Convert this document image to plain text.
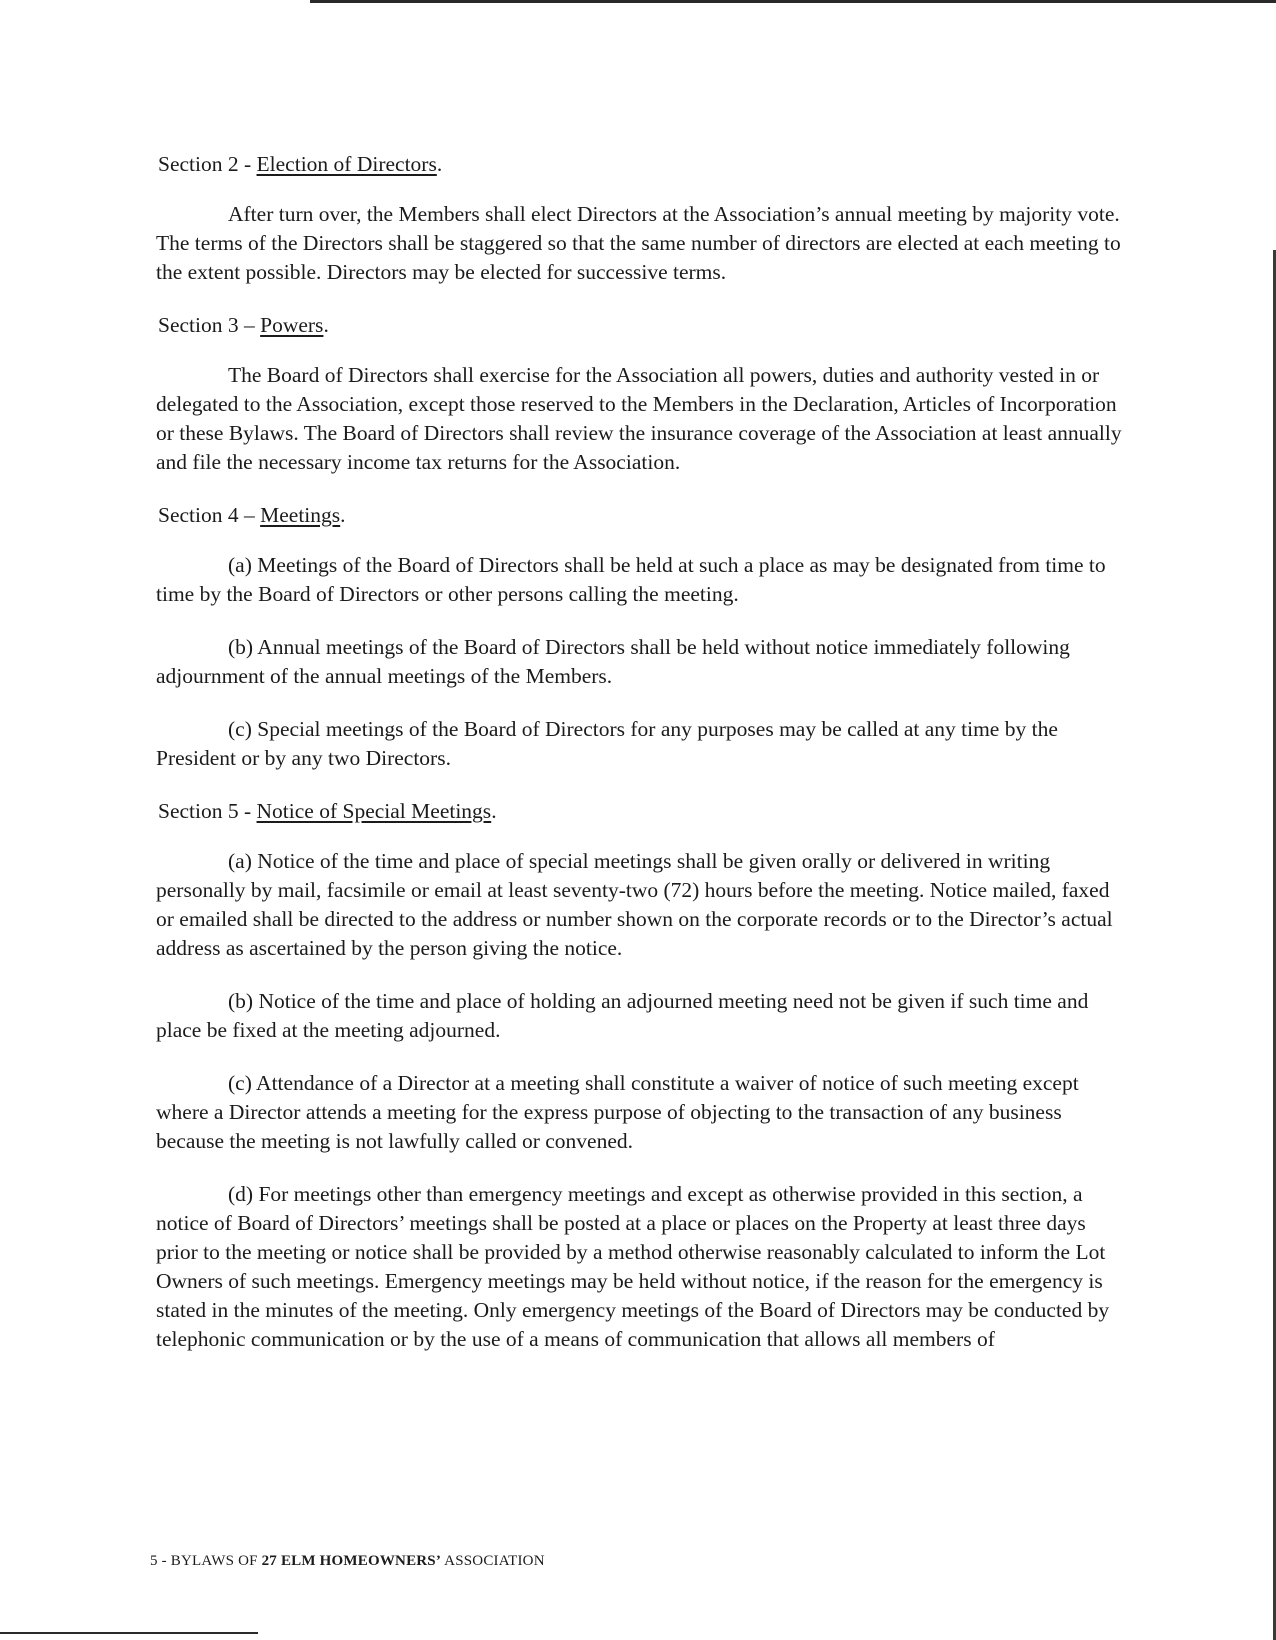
Section 2 - Election of Directors.

After turn over, the Members shall elect Directors at the Association’s annual meeting by majority vote. The terms of the Directors shall be staggered so that the same number of directors are elected at each meeting to the extent possible. Directors may be elected for successive terms.

Section 3 – Powers.

The Board of Directors shall exercise for the Association all powers, duties and authority vested in or delegated to the Association, except those reserved to the Members in the Declaration, Articles of Incorporation or these Bylaws. The Board of Directors shall review the insurance coverage of the Association at least annually and file the necessary income tax returns for the Association.

Section 4 – Meetings.

(a) Meetings of the Board of Directors shall be held at such a place as may be designated from time to time by the Board of Directors or other persons calling the meeting.

(b) Annual meetings of the Board of Directors shall be held without notice immediately following adjournment of the annual meetings of the Members.

(c) Special meetings of the Board of Directors for any purposes may be called at any time by the President or by any two Directors.

Section 5 - Notice of Special Meetings.

(a) Notice of the time and place of special meetings shall be given orally or delivered in writing personally by mail, facsimile or email at least seventy-two (72) hours before the meeting. Notice mailed, faxed or emailed shall be directed to the address or number shown on the corporate records or to the Director’s actual address as ascertained by the person giving the notice.

(b) Notice of the time and place of holding an adjourned meeting need not be given if such time and place be fixed at the meeting adjourned.

(c) Attendance of a Director at a meeting shall constitute a waiver of notice of such meeting except where a Director attends a meeting for the express purpose of objecting to the transaction of any business because the meeting is not lawfully called or convened.

(d) For meetings other than emergency meetings and except as otherwise provided in this section, a notice of Board of Directors’ meetings shall be posted at a place or places on the Property at least three days prior to the meeting or notice shall be provided by a method otherwise reasonably calculated to inform the Lot Owners of such meetings. Emergency meetings may be held without notice, if the reason for the emergency is stated in the minutes of the meeting. Only emergency meetings of the Board of Directors may be conducted by telephonic communication or by the use of a means of communication that allows all members of

5 - BYLAWS OF 27 ELM HOMEOWNERS’ ASSOCIATION
